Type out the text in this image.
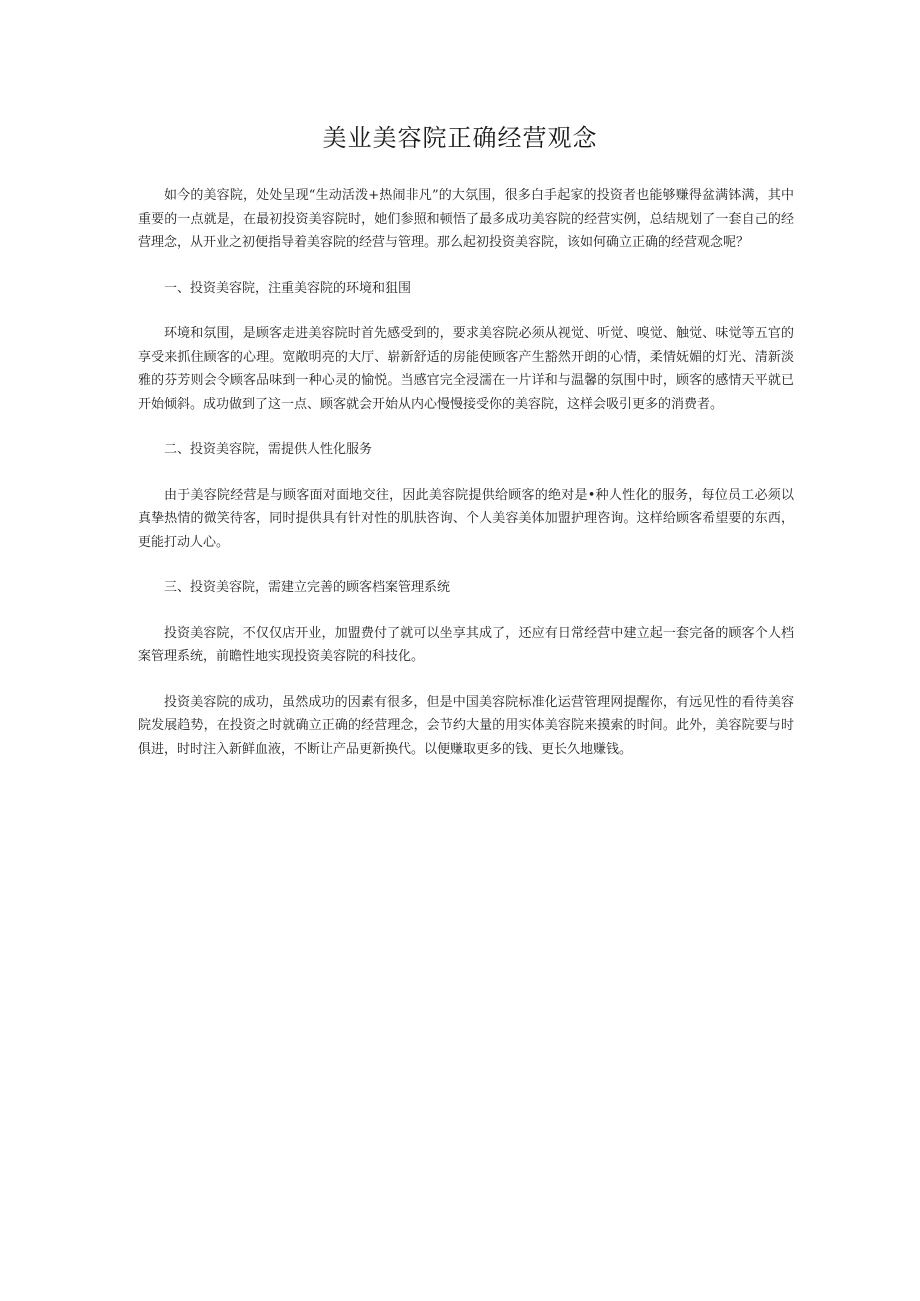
美业美容院正确经营观念

如今的美容院，处处呈现“生动活泼+热闹非凡”的大氛围，很多白手起家的投资者也能够赚得盆满钵满，其中重要的一点就是，在最初投资美容院时，她们参照和顿悟了最多成功美容院的经营实例，总结规划了一套自己的经营理念，从开业之初便指导着美容院的经营与管理。那么起初投资美容院，该如何确立正确的经营观念呢？

一、投资美容院，注重美容院的环境和狙围

环境和氛围，是顾客走进美容院时首先感受到的，要求美容院必须从视觉、听觉、嗅觉、触觉、味觉等五官的享受来抓住顾客的心理。宽敞明亮的大厅、崭新舒适的房能使顾客产生豁然开朗的心情，柔情妩媚的灯光、清新淡雅的芬芳则会令顾客品味到一种心灵的愉悦。当感官完全浸濡在一片详和与温馨的氛围中时，顾客的感情天平就已开始倾斜。成功做到了这一点、顾客就会开始从内心慢慢接受你的美容院，这样会吸引更多的消费者。

二、投资美容院，需提供人性化服务

由于美容院经营是与顾客面对面地交往，因此美容院提供给顾客的绝对是•种人性化的服务，每位员工必须以真挚热情的微笑待客，同时提供具有针对性的肌肤咨询、个人美容美体加盟护理咨询。这样给顾客希望要的东西，更能打动人心。

三、投资美容院，需建立完善的顾客档案管理系统

投资美容院，不仅仅店开业，加盟费付了就可以坐享其成了，还应有日常经营中建立起一套完备的顾客个人档案管理系统，前瞻性地实现投资美容院的科技化。

投资美容院的成功，虽然成功的因素有很多，但是中国美容院标准化运营管理网提醒你，有远见性的看待美容院发展趋势，在投资之时就确立正确的经营理念，会节约大量的用实体美容院来摸索的时间。此外，美容院要与时俱进，时时注入新鲜血液，不断让产品更新换代。以便赚取更多的钱、更长久地赚钱。
